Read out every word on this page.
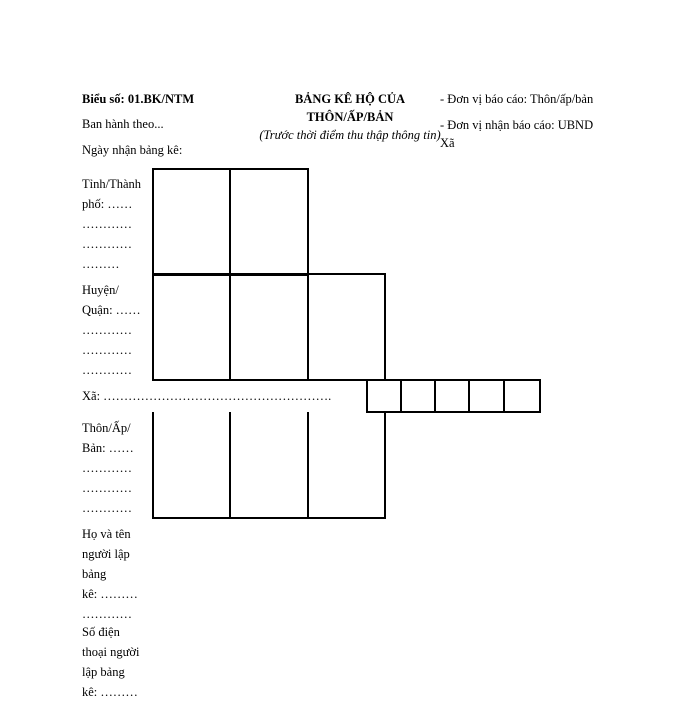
Biểu số: 01.BK/NTM
Ban hành theo...
Ngày nhận bảng kê:
BẢNG KÊ HỘ CỦA
THÔN/ẤP/BẢN
(Trước thời điểm thu thập thông tin)
- Đơn vị báo cáo: Thôn/ấp/bản
- Đơn vị nhận báo cáo: UBND
Xã
Tỉnh/Thành
phố: ……
…………
…………
………
Huyện/
Quận: ……
…………
…………
…………
Xã: ……………………………………………….
Thôn/Ấp/
Bản: ……
…………
…………
…………
Họ và tên
người lập
bảng
kê: ………
…………
Số điện
thoại người
lập bảng
kê: ………
